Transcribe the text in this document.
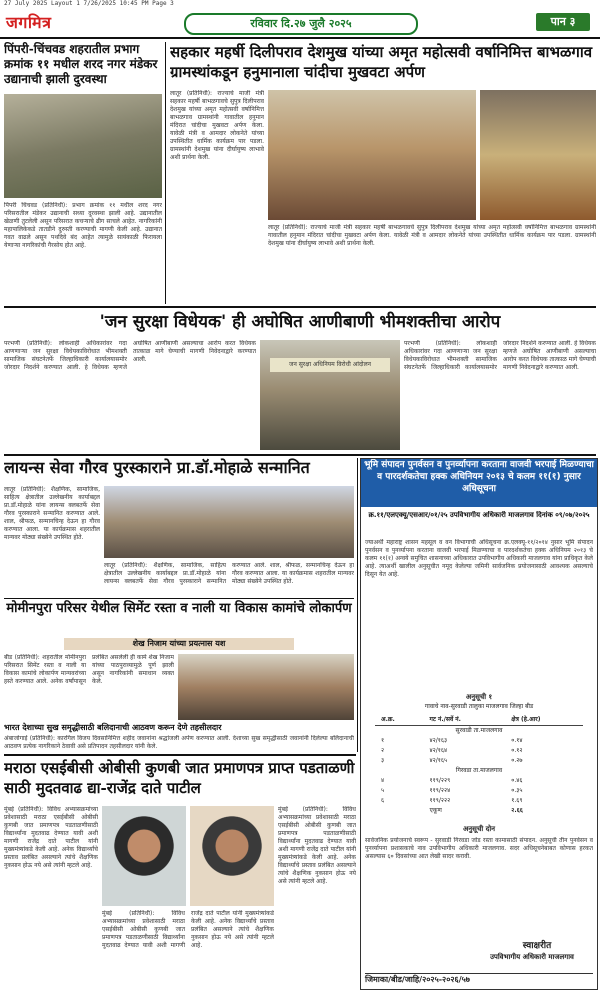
27 July 2025 Layout 1 7/26/2025 10:45 PM Page 3
जगमित्र	रविवार दि.२७ जुलै २०२५	पान ३
पिंपरी-चिंचवड शहरातील प्रभाग क्रमांक ११ मधील शरद नगर मंडेकर उद्यानाची झाली दुरवस्था
पिंपरी चिंचवड (प्रतिनिधी): प्रभाग क्रमांक ११ मधील शरद नगर परिसरातील मंडेकर उद्यानाची सध्या दुरवस्था झाली आहे. उद्यानातील खेळणी तुटलेली असून परिसरात कचऱ्याचे ढीग साचले आहेत. नागरिकांनी महापालिकेकडे तातडीने दुरुस्ती करण्याची मागणी केली आहे. उद्यानात गवत वाढले असून पथदिवे बंद आहेत त्यामुळे सायंकाळी फिरायला येणाऱ्या नागरिकांची गैरसोय होत आहे.
सहकार महर्षी दिलीपराव देशमुख यांच्या अमृत महोत्सवी वर्षानिमित्त बाभळगाव ग्रामस्थांकडून हनुमानाला चांदीचा मुखवटा अर्पण
लातूर (प्रतिनिधी): राज्याचे माजी मंत्री सहकार महर्षी बाभळगावचे सुपुत्र दिलीपराव देशमुख यांच्या अमृत महोत्सवी वर्षानिमित्त बाभळगाव ग्रामस्थांनी गावातील हनुमान मंदिरात चांदीचा मुखवटा अर्पण केला. यावेळी मंत्री व आमदार लोकनेते यांच्या उपस्थितीत धार्मिक कार्यक्रम पार पडला. ग्रामस्थांनी देशमुख यांना दीर्घायुष्य लाभावे अशी प्रार्थना केली.
लातूर (प्रतिनिधी): राज्याचे माजी मंत्री सहकार महर्षी बाभळगावचे सुपुत्र दिलीपराव देशमुख यांच्या अमृत महोत्सवी वर्षानिमित्त बाभळगाव ग्रामस्थांनी गावातील हनुमान मंदिरात चांदीचा मुखवटा अर्पण केला. यावेळी मंत्री व आमदार लोकनेते यांच्या उपस्थितीत धार्मिक कार्यक्रम पार पडला. ग्रामस्थांनी देशमुख यांना दीर्घायुष्य लाभावे अशी प्रार्थना केली.
'जन सुरक्षा विधेयक' ही अघोषित आणीबाणी भीमशक्तीचा आरोप
परभणी (प्रतिनिधी): लोकशाही अधिकारांवर गदा आणणाऱ्या जन सुरक्षा विधेयकाविरोधात भीमशक्ती सामाजिक संघटनेतर्फे जिल्हाधिकारी कार्यालयासमोर जोरदार निदर्शने करण्यात आली. हे विधेयक म्हणजे अघोषित आणीबाणी असल्याचा आरोप करत विधेयक तात्काळ मागे घेण्याची मागणी निवेदनाद्वारे करण्यात आली.
जन सुरक्षा अधिनियम विरोधी आंदोलन
परभणी (प्रतिनिधी): लोकशाही अधिकारांवर गदा आणणाऱ्या जन सुरक्षा विधेयकाविरोधात भीमशक्ती सामाजिक संघटनेतर्फे जिल्हाधिकारी कार्यालयासमोर जोरदार निदर्शने करण्यात आली. हे विधेयक म्हणजे अघोषित आणीबाणी असल्याचा आरोप करत विधेयक तात्काळ मागे घेण्याची मागणी निवेदनाद्वारे करण्यात आली.
लायन्स सेवा गौरव पुरस्काराने प्रा.डॉ.मोहाळे सन्मानित
लातूर (प्रतिनिधी): शैक्षणिक, सामाजिक, साहित्य क्षेत्रातील उल्लेखनीय कार्याबद्दल प्रा.डॉ.मोहाळे यांना लायन्स क्लबतर्फे सेवा गौरव पुरस्काराने सन्मानित करण्यात आले. शाल, श्रीफळ, सन्मानचिन्ह देऊन हा गौरव करण्यात आला. या कार्यक्रमास शहरातील मान्यवर मोठ्या संख्येने उपस्थित होते.
लातूर (प्रतिनिधी): शैक्षणिक, सामाजिक, साहित्य क्षेत्रातील उल्लेखनीय कार्याबद्दल प्रा.डॉ.मोहाळे यांना लायन्स क्लबतर्फे सेवा गौरव पुरस्काराने सन्मानित करण्यात आले. शाल, श्रीफळ, सन्मानचिन्ह देऊन हा गौरव करण्यात आला. या कार्यक्रमास शहरातील मान्यवर मोठ्या संख्येने उपस्थित होते.
मोमीनपुरा परिसर येथील सिमेंट रस्ता व नाली या विकास कामांचे लोकार्पण
शेख निजाम यांच्या प्रयत्नास यश
बीड (प्रतिनिधी): शहरातील मोमीनपुरा परिसरात सिमेंट रस्ता व नाली या विकास कामांचे लोकार्पण मान्यवरांच्या हस्ते करण्यात आले. अनेक वर्षांपासून प्रलंबित असलेली ही कामे शेख निजाम यांच्या पाठपुराव्यामुळे पूर्ण झाली असून नागरिकांनी समाधान व्यक्त केले.
भारत देशाच्या सुख समृद्धीसाठी बलिदानाची आठवण करून देणे तहसीलदार
अंबाजोगाई (प्रतिनिधी): कारगिल विजय दिवसानिमित्त शहीद जवानांना श्रद्धांजली अर्पण करण्यात आली. देशाच्या सुख समृद्धीसाठी जवानांनी दिलेल्या बलिदानाची आठवण प्रत्येक नागरिकाने ठेवावी असे प्रतिपादन तहसीलदार यांनी केले.
भूमि संपादन पुनर्वसन व पुनर्व्यापना करताना वाजवी भरपाई मिळण्याचा व पारदर्शकतेचा हक्क अधिनियम २०१३ चे कलम ११(१) नुसार अधिसूचना
क्र.११/एलएक्यू/एसआर/०१/२५ उपविभागीय अधिकारी माजलगाव दिनांक ०९/०७/२०२५
ज्याअर्थी महाराष्ट्र शासन महसूल व वन विभागाची अधिसूचना क्र.एलक्यू-११/२०१४ नुसार भूमि संपादन पुनर्वसन व पुनर्व्यापना करताना वाजवी भरपाई मिळण्याचा व पारदर्शकतेचा हक्क अधिनियम २०१३ चे कलम ११(१) अन्वये समुचित शासनाच्या अधिकारात उपविभागीय अधिकारी माजलगाव यांना प्राधिकृत केले आहे. त्याअर्थी खालील अनुसूचीत नमूद केलेल्या जमिनी सार्वजनिक प्रयोजनासाठी आवश्यक असल्याचे दिसून येत आहे.
अनुसूची १
गावाचे नाव-सुरवाडी तालुका माजलगाव जिल्हा बीड
अ.क्र.	गट नं./सर्वे नं.	क्षेत्र (हे.आर)
सुरवाडी ता.माजलगाव		
१	४२/१६३	०.१४
२	४२/१६४	०.१२
३	४२/१६५	०.२७
गिरवडा ता.माजलगाव		
४	११९/२२९	०.४६
५	११९/२२४	०.३५
६	११९/२२२	१.६९
	एकूण	२.६६
अनुसूची दोन
सार्वजनिक प्रयोजनाचे स्वरूप - सुरवाडी गिरवडा जोड रस्ता कामासाठी संपादन. अनुसूची तीन पुनर्वसन व पुनर्व्यापना प्रशासकाचे नाव उपविभागीय अधिकारी माजलगाव. सदर अधिसूचनेबाबत कोणास हरकत असल्यास ६० दिवसांच्या आत लेखी सादर करावी.
स्वाक्षरीत
उपविभागीय अधिकारी माजलगाव
जिमाका/बीड/जाहि/२०२५-२०२६/५७
मराठा एसईबीसी ओबीसी कुणबी जात प्रमाणपत्र प्राप्त पडताळणी साठी मुदतवाढ द्या-राजेंद्र दाते पाटील
मुंबई (प्रतिनिधी): विविध अभ्यासक्रमांच्या प्रवेशासाठी मराठा एसईबीसी ओबीसी कुणबी जात प्रमाणपत्र पडताळणीसाठी विद्यार्थ्यांना मुदतवाढ देण्यात यावी अशी मागणी राजेंद्र दाते पाटील यांनी मुख्यमंत्र्यांकडे केली आहे. अनेक विद्यार्थ्यांचे प्रस्ताव प्रलंबित असल्याने त्यांचे शैक्षणिक नुकसान होऊ नये असे त्यांनी म्हटले आहे.
मुंबई (प्रतिनिधी): विविध अभ्यासक्रमांच्या प्रवेशासाठी मराठा एसईबीसी ओबीसी कुणबी जात प्रमाणपत्र पडताळणीसाठी विद्यार्थ्यांना मुदतवाढ देण्यात यावी अशी मागणी राजेंद्र दाते पाटील यांनी मुख्यमंत्र्यांकडे केली आहे. अनेक विद्यार्थ्यांचे प्रस्ताव प्रलंबित असल्याने त्यांचे शैक्षणिक नुकसान होऊ नये असे त्यांनी म्हटले आहे.
मुंबई (प्रतिनिधी): विविध अभ्यासक्रमांच्या प्रवेशासाठी मराठा एसईबीसी ओबीसी कुणबी जात प्रमाणपत्र पडताळणीसाठी विद्यार्थ्यांना मुदतवाढ देण्यात यावी अशी मागणी राजेंद्र दाते पाटील यांनी मुख्यमंत्र्यांकडे केली आहे. अनेक विद्यार्थ्यांचे प्रस्ताव प्रलंबित असल्याने त्यांचे शैक्षणिक नुकसान होऊ नये असे त्यांनी म्हटले आहे.
